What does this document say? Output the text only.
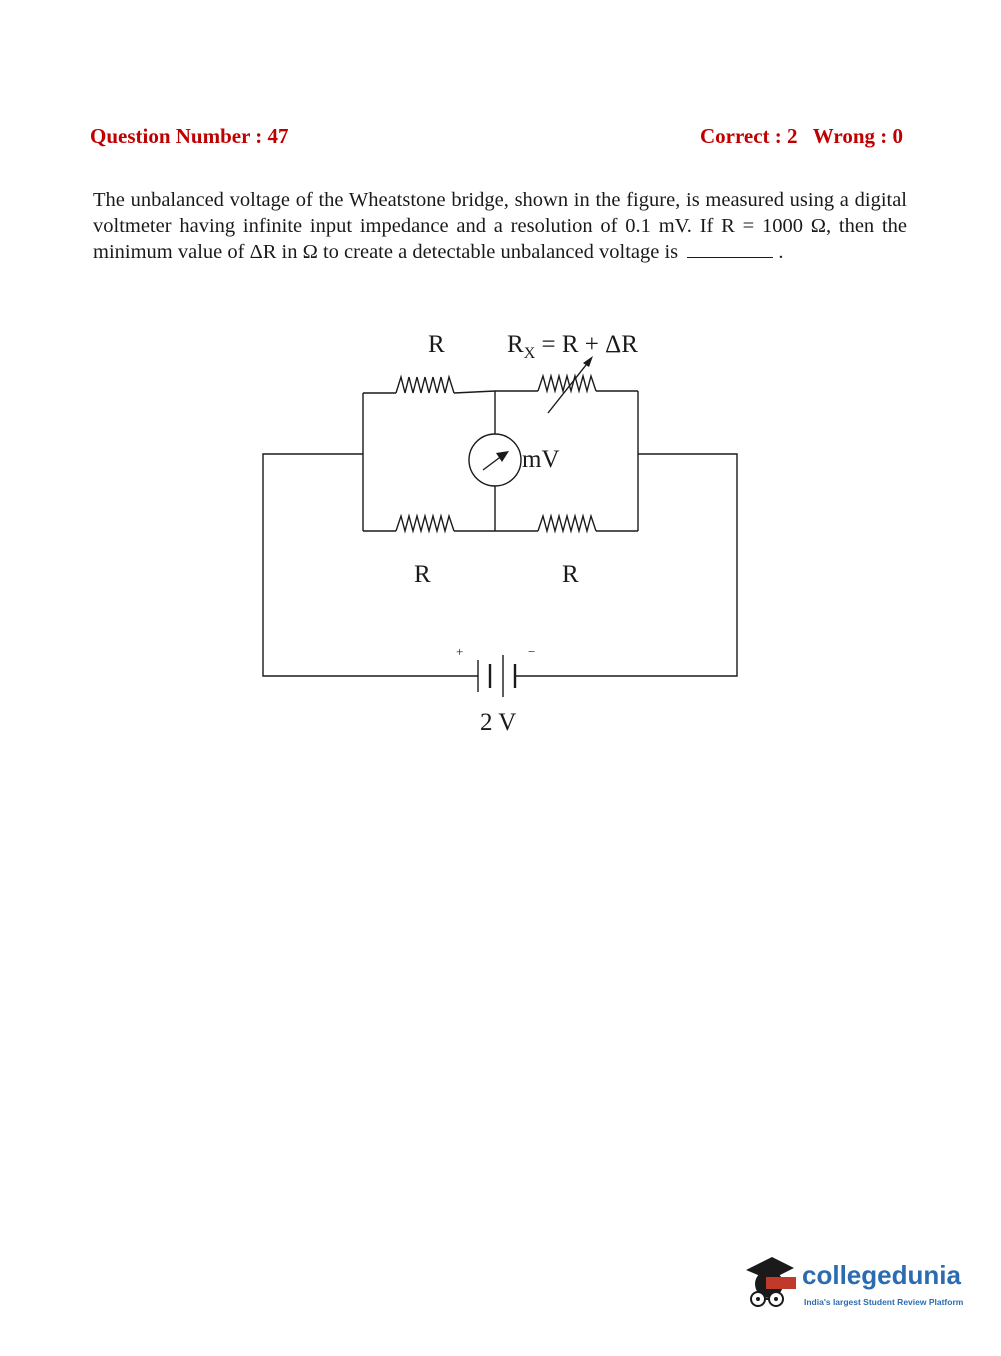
Question Number : 47	Correct : 2 Wrong : 0
The unbalanced voltage of the Wheatstone bridge, shown in the figure, is measured using a digital voltmeter having infinite input impedance and a resolution of 0.1 mV. If R = 1000 Ω, then the minimum value of ΔR in Ω to create a detectable unbalanced voltage is	.
R $R_X = R + \Delta R$
mV
R	R
+	−
2 V
collegedunia
India's largest Student Review Platform
